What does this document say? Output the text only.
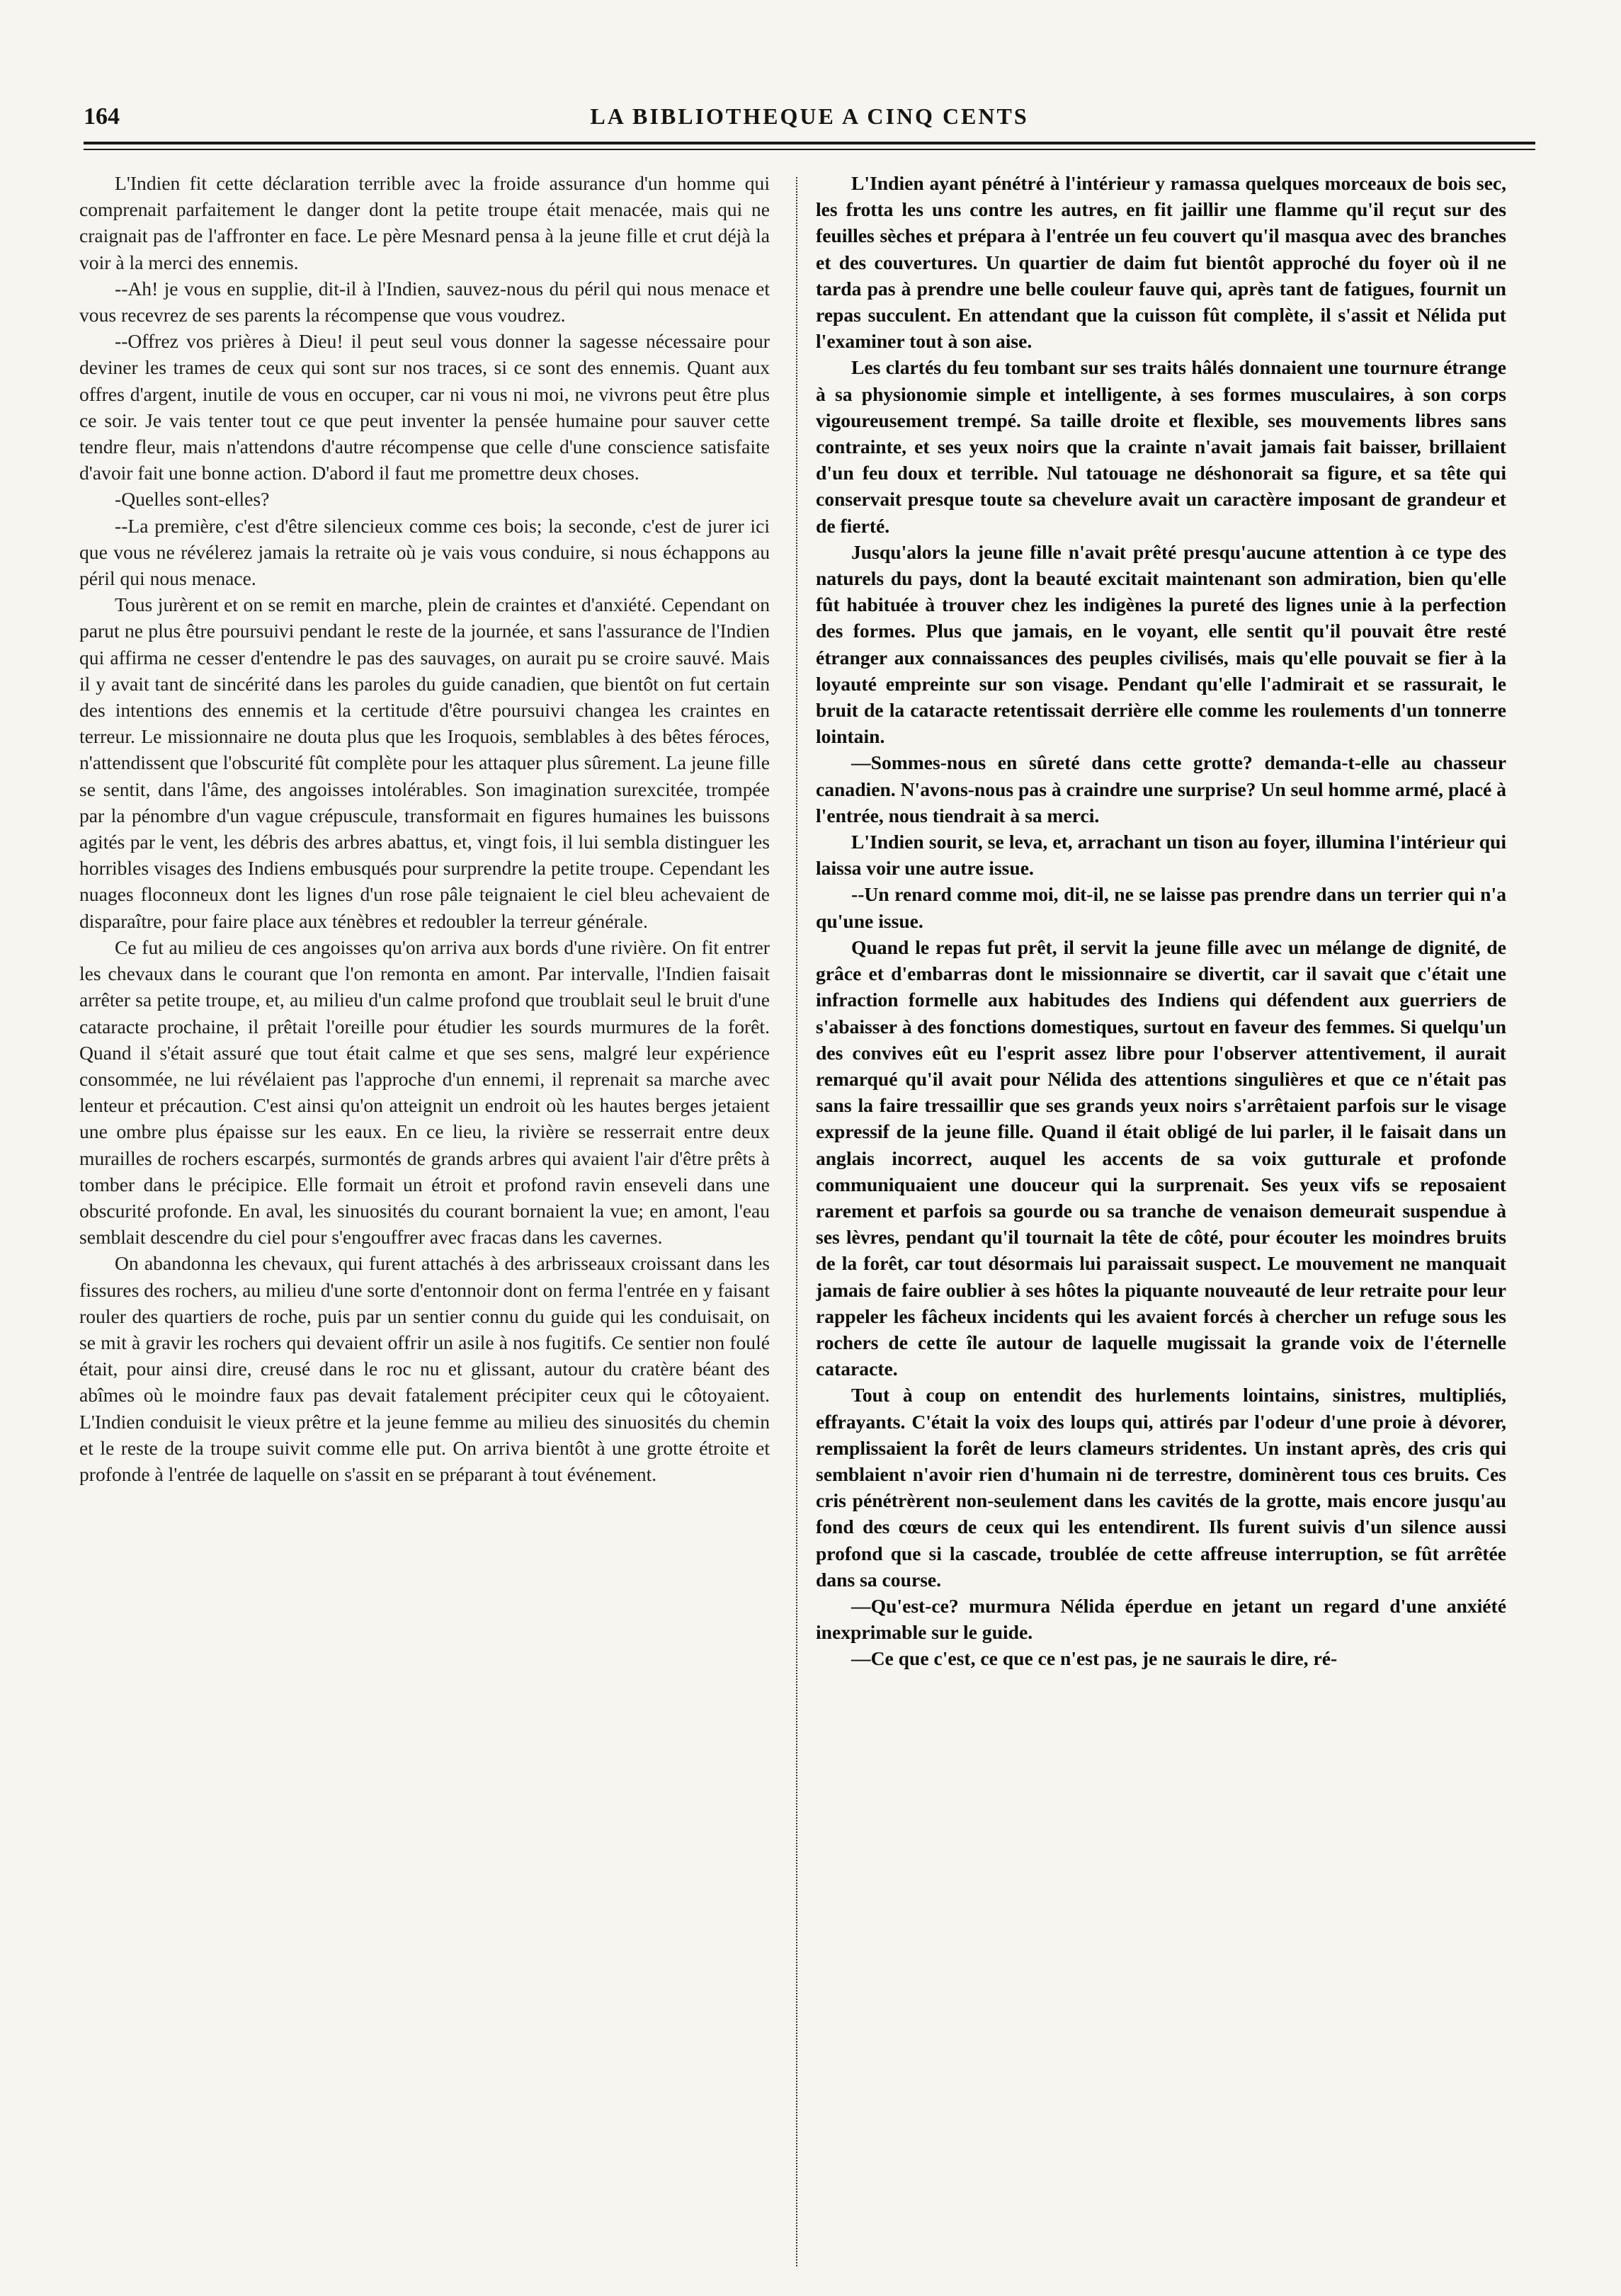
164	LA BIBLIOTHEQUE A CINQ CENTS

L'Indien fit cette déclaration terrible avec la froide assurance d'un homme qui comprenait parfaitement le danger dont la petite troupe était menacée, mais qui ne craignait pas de l'affronter en face. Le père Mesnard pensa à la jeune fille et crut déjà la voir à la merci des ennemis.

--Ah! je vous en supplie, dit-il à l'Indien, sauvez-nous du péril qui nous menace et vous recevrez de ses parents la récompense que vous voudrez.

--Offrez vos prières à Dieu! il peut seul vous donner la sagesse nécessaire pour deviner les trames de ceux qui sont sur nos traces, si ce sont des ennemis. Quant aux offres d'argent, inutile de vous en occuper, car ni vous ni moi, ne vivrons peut être plus ce soir. Je vais tenter tout ce que peut inventer la pensée humaine pour sauver cette tendre fleur, mais n'attendons d'autre récompense que celle d'une conscience satisfaite d'avoir fait une bonne action. D'abord il faut me promettre deux choses.

-Quelles sont-elles?

--La première, c'est d'être silencieux comme ces bois; la seconde, c'est de jurer ici que vous ne révélerez jamais la retraite où je vais vous conduire, si nous échappons au péril qui nous menace.

Tous jurèrent et on se remit en marche, plein de craintes et d'anxiété. Cependant on parut ne plus être poursuivi pendant le reste de la journée, et sans l'assurance de l'Indien qui affirma ne cesser d'entendre le pas des sauvages, on aurait pu se croire sauvé. Mais il y avait tant de sincérité dans les paroles du guide canadien, que bientôt on fut certain des intentions des ennemis et la certitude d'être poursuivi changea les craintes en terreur. Le missionnaire ne douta plus que les Iroquois, semblables à des bêtes féroces, n'attendissent que l'obscurité fût complète pour les attaquer plus sûrement. La jeune fille se sentit, dans l'âme, des angoisses intolérables. Son imagination surexcitée, trompée par la pénombre d'un vague crépuscule, transformait en figures humaines les buissons agités par le vent, les débris des arbres abattus, et, vingt fois, il lui sembla distinguer les horribles visages des Indiens embusqués pour surprendre la petite troupe. Cependant les nuages floconneux dont les lignes d'un rose pâle teignaient le ciel bleu achevaient de disparaître, pour faire place aux ténèbres et redoubler la terreur générale.

Ce fut au milieu de ces angoisses qu'on arriva aux bords d'une rivière. On fit entrer les chevaux dans le courant que l'on remonta en amont. Par intervalle, l'Indien faisait arrêter sa petite troupe, et, au milieu d'un calme profond que troublait seul le bruit d'une cataracte prochaine, il prêtait l'oreille pour étudier les sourds murmures de la forêt. Quand il s'était assuré que tout était calme et que ses sens, malgré leur expérience consommée, ne lui révélaient pas l'approche d'un ennemi, il reprenait sa marche avec lenteur et précaution. C'est ainsi qu'on atteignit un endroit où les hautes berges jetaient une ombre plus épaisse sur les eaux. En ce lieu, la rivière se resserrait entre deux murailles de rochers escarpés, surmontés de grands arbres qui avaient l'air d'être prêts à tomber dans le précipice. Elle formait un étroit et profond ravin enseveli dans une obscurité profonde. En aval, les sinuosités du courant bornaient la vue; en amont, l'eau semblait descendre du ciel pour s'engouffrer avec fracas dans les cavernes.

On abandonna les chevaux, qui furent attachés à des arbrisseaux croissant dans les fissures des rochers, au milieu d'une sorte d'entonnoir dont on ferma l'entrée en y faisant rouler des quartiers de roche, puis par un sentier connu du guide qui les conduisait, on se mit à gravir les rochers qui devaient offrir un asile à nos fugitifs. Ce sentier non foulé était, pour ainsi dire, creusé dans le roc nu et glissant, autour du cratère béant des abîmes où le moindre faux pas devait fatalement précipiter ceux qui le côtoyaient. L'Indien conduisit le vieux prêtre et la jeune femme au milieu des sinuosités du chemin et le reste de la troupe suivit comme elle put. On arriva bientôt à une grotte étroite et profonde à l'entrée de laquelle on s'assit en se préparant à tout événement.

L'Indien ayant pénétré à l'intérieur y ramassa quelques morceaux de bois sec, les frotta les uns contre les autres, en fit jaillir une flamme qu'il reçut sur des feuilles sèches et prépara à l'entrée un feu couvert qu'il masqua avec des branches et des couvertures. Un quartier de daim fut bientôt approché du foyer où il ne tarda pas à prendre une belle couleur fauve qui, après tant de fatigues, fournit un repas succulent. En attendant que la cuisson fût complète, il s'assit et Nélida put l'examiner tout à son aise.

Les clartés du feu tombant sur ses traits hâlés donnaient une tournure étrange à sa physionomie simple et intelligente, à ses formes musculaires, à son corps vigoureusement trempé. Sa taille droite et flexible, ses mouvements libres sans contrainte, et ses yeux noirs que la crainte n'avait jamais fait baisser, brillaient d'un feu doux et terrible. Nul tatouage ne déshonorait sa figure, et sa tête qui conservait presque toute sa chevelure avait un caractère imposant de grandeur et de fierté.

Jusqu'alors la jeune fille n'avait prêté presqu'aucune attention à ce type des naturels du pays, dont la beauté excitait maintenant son admiration, bien qu'elle fût habituée à trouver chez les indigènes la pureté des lignes unie à la perfection des formes. Plus que jamais, en le voyant, elle sentit qu'il pouvait être resté étranger aux connaissances des peuples civilisés, mais qu'elle pouvait se fier à la loyauté empreinte sur son visage. Pendant qu'elle l'admirait et se rassurait, le bruit de la cataracte retentissait derrière elle comme les roulements d'un tonnerre lointain.

—Sommes-nous en sûreté dans cette grotte? demanda-t-elle au chasseur canadien. N'avons-nous pas à craindre une surprise? Un seul homme armé, placé à l'entrée, nous tiendrait à sa merci.

L'Indien sourit, se leva, et, arrachant un tison au foyer, illumina l'intérieur qui laissa voir une autre issue.

--Un renard comme moi, dit-il, ne se laisse pas prendre dans un terrier qui n'a qu'une issue.

Quand le repas fut prêt, il servit la jeune fille avec un mélange de dignité, de grâce et d'embarras dont le missionnaire se divertit, car il savait que c'était une infraction formelle aux habitudes des Indiens qui défendent aux guerriers de s'abaisser à des fonctions domestiques, surtout en faveur des femmes. Si quelqu'un des convives eût eu l'esprit assez libre pour l'observer attentivement, il aurait remarqué qu'il avait pour Nélida des attentions singulières et que ce n'était pas sans la faire tressaillir que ses grands yeux noirs s'arrêtaient parfois sur le visage expressif de la jeune fille. Quand il était obligé de lui parler, il le faisait dans un anglais incorrect, auquel les accents de sa voix gutturale et profonde communiquaient une douceur qui la surprenait. Ses yeux vifs se reposaient rarement et parfois sa gourde ou sa tranche de venaison demeurait suspendue à ses lèvres, pendant qu'il tournait la tête de côté, pour écouter les moindres bruits de la forêt, car tout désormais lui paraissait suspect. Le mouvement ne manquait jamais de faire oublier à ses hôtes la piquante nouveauté de leur retraite pour leur rappeler les fâcheux incidents qui les avaient forcés à chercher un refuge sous les rochers de cette île autour de laquelle mugissait la grande voix de l'éternelle cataracte.

Tout à coup on entendit des hurlements lointains, sinistres, multipliés, effrayants. C'était la voix des loups qui, attirés par l'odeur d'une proie à dévorer, remplissaient la forêt de leurs clameurs stridentes. Un instant après, des cris qui semblaient n'avoir rien d'humain ni de terrestre, dominèrent tous ces bruits. Ces cris pénétrèrent non-seulement dans les cavités de la grotte, mais encore jusqu'au fond des cœurs de ceux qui les entendirent. Ils furent suivis d'un silence aussi profond que si la cascade, troublée de cette affreuse interruption, se fût arrêtée dans sa course.

—Qu'est-ce? murmura Nélida éperdue en jetant un regard d'une anxiété inexprimable sur le guide.

—Ce que c'est, ce que ce n'est pas, je ne saurais le dire, ré-
